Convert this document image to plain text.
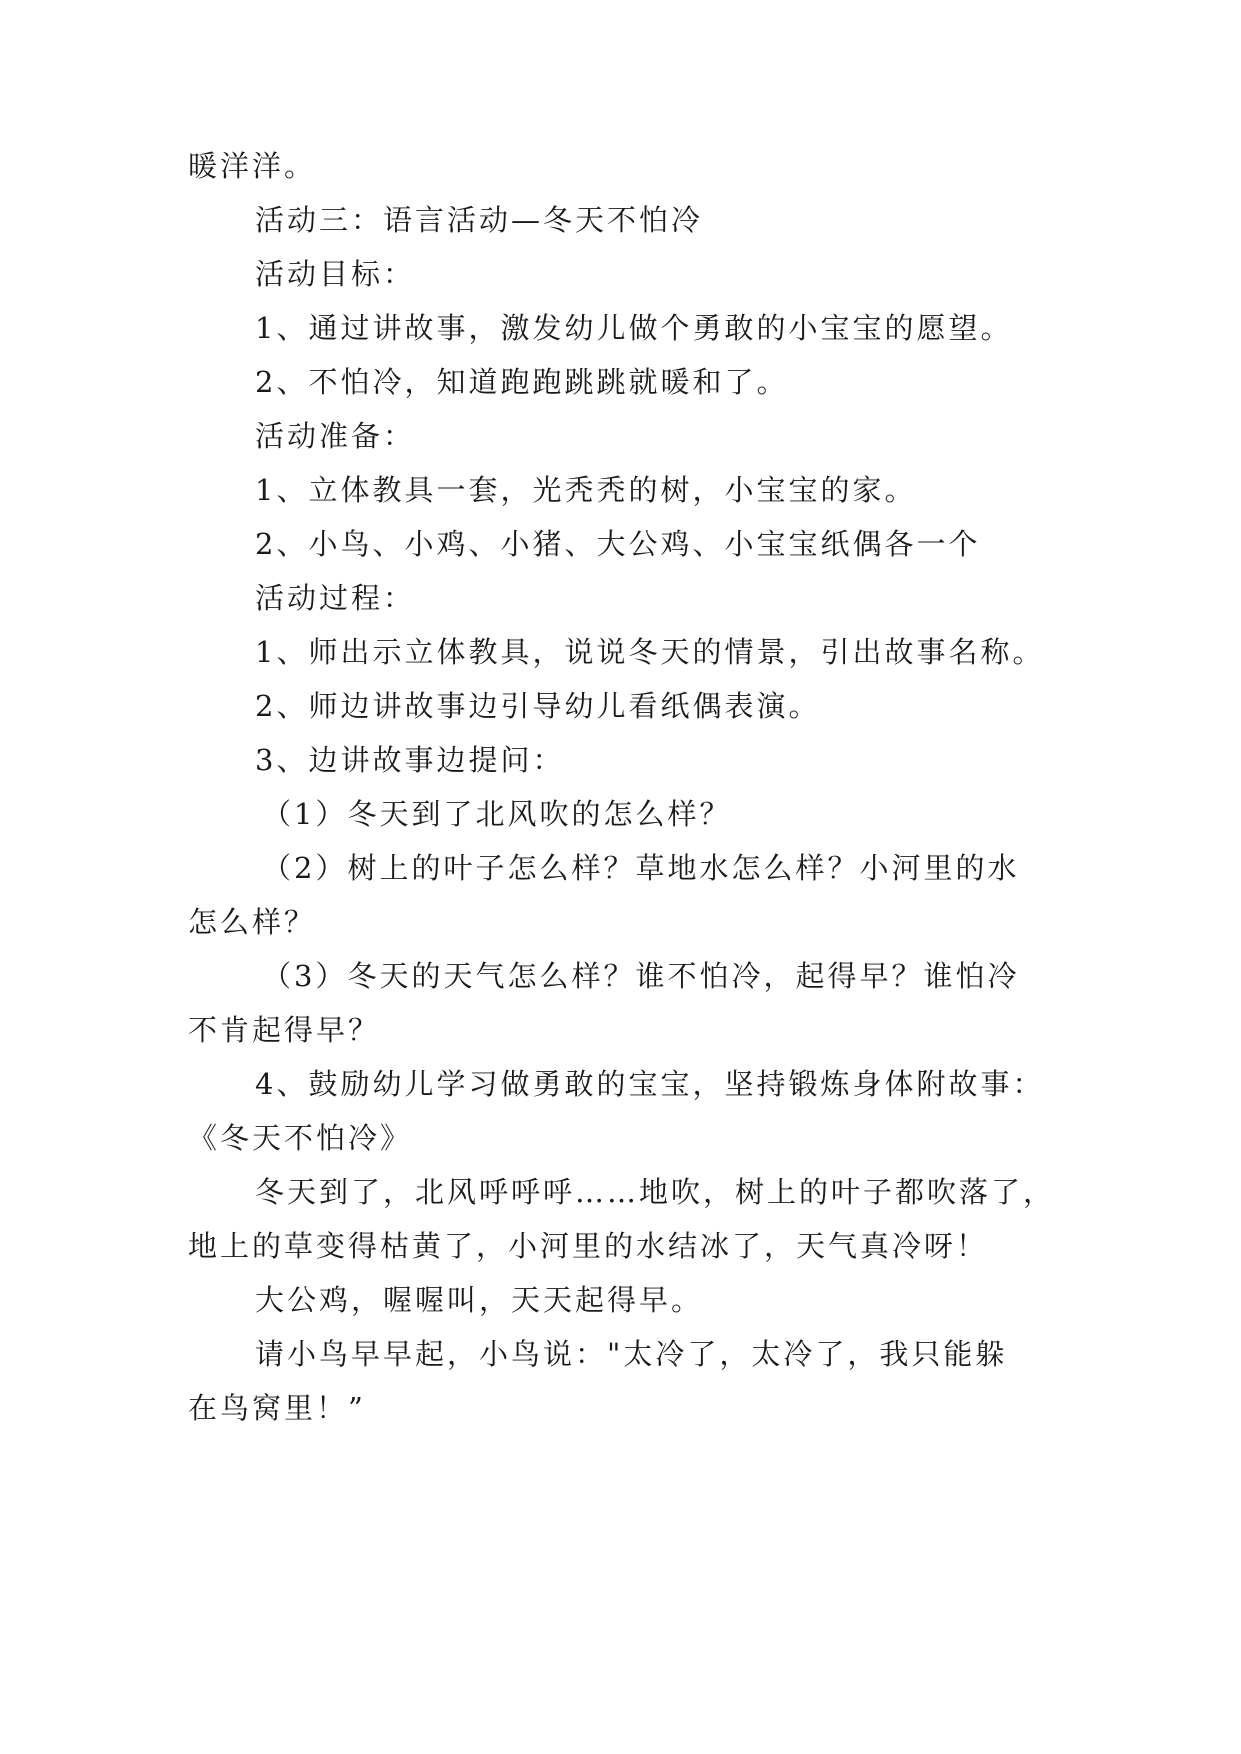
暖洋洋。
活动三：语言活动—冬天不怕冷
活动目标：
1、通过讲故事，激发幼儿做个勇敢的小宝宝的愿望。
2、不怕冷，知道跑跑跳跳就暖和了。
活动准备：
1、立体教具一套，光秃秃的树，小宝宝的家。
2、小鸟、小鸡、小猪、大公鸡、小宝宝纸偶各一个
活动过程：
1、师出示立体教具，说说冬天的情景，引出故事名称。
2、师边讲故事边引导幼儿看纸偶表演。
3、边讲故事边提问：
（1）冬天到了北风吹的怎么样？
（2）树上的叶子怎么样？草地水怎么样？小河里的水
怎么样？
（3）冬天的天气怎么样？谁不怕冷，起得早？谁怕冷
不肯起得早？
4、鼓励幼儿学习做勇敢的宝宝，坚持锻炼身体附故事：
《冬天不怕冷》
冬天到了，北风呼呼呼……地吹，树上的叶子都吹落了，
地上的草变得枯黄了，小河里的水结冰了，天气真冷呀！
大公鸡，喔喔叫，天天起得早。
请小鸟早早起，小鸟说："太冷了，太冷了，我只能躲
在鸟窝里！”
